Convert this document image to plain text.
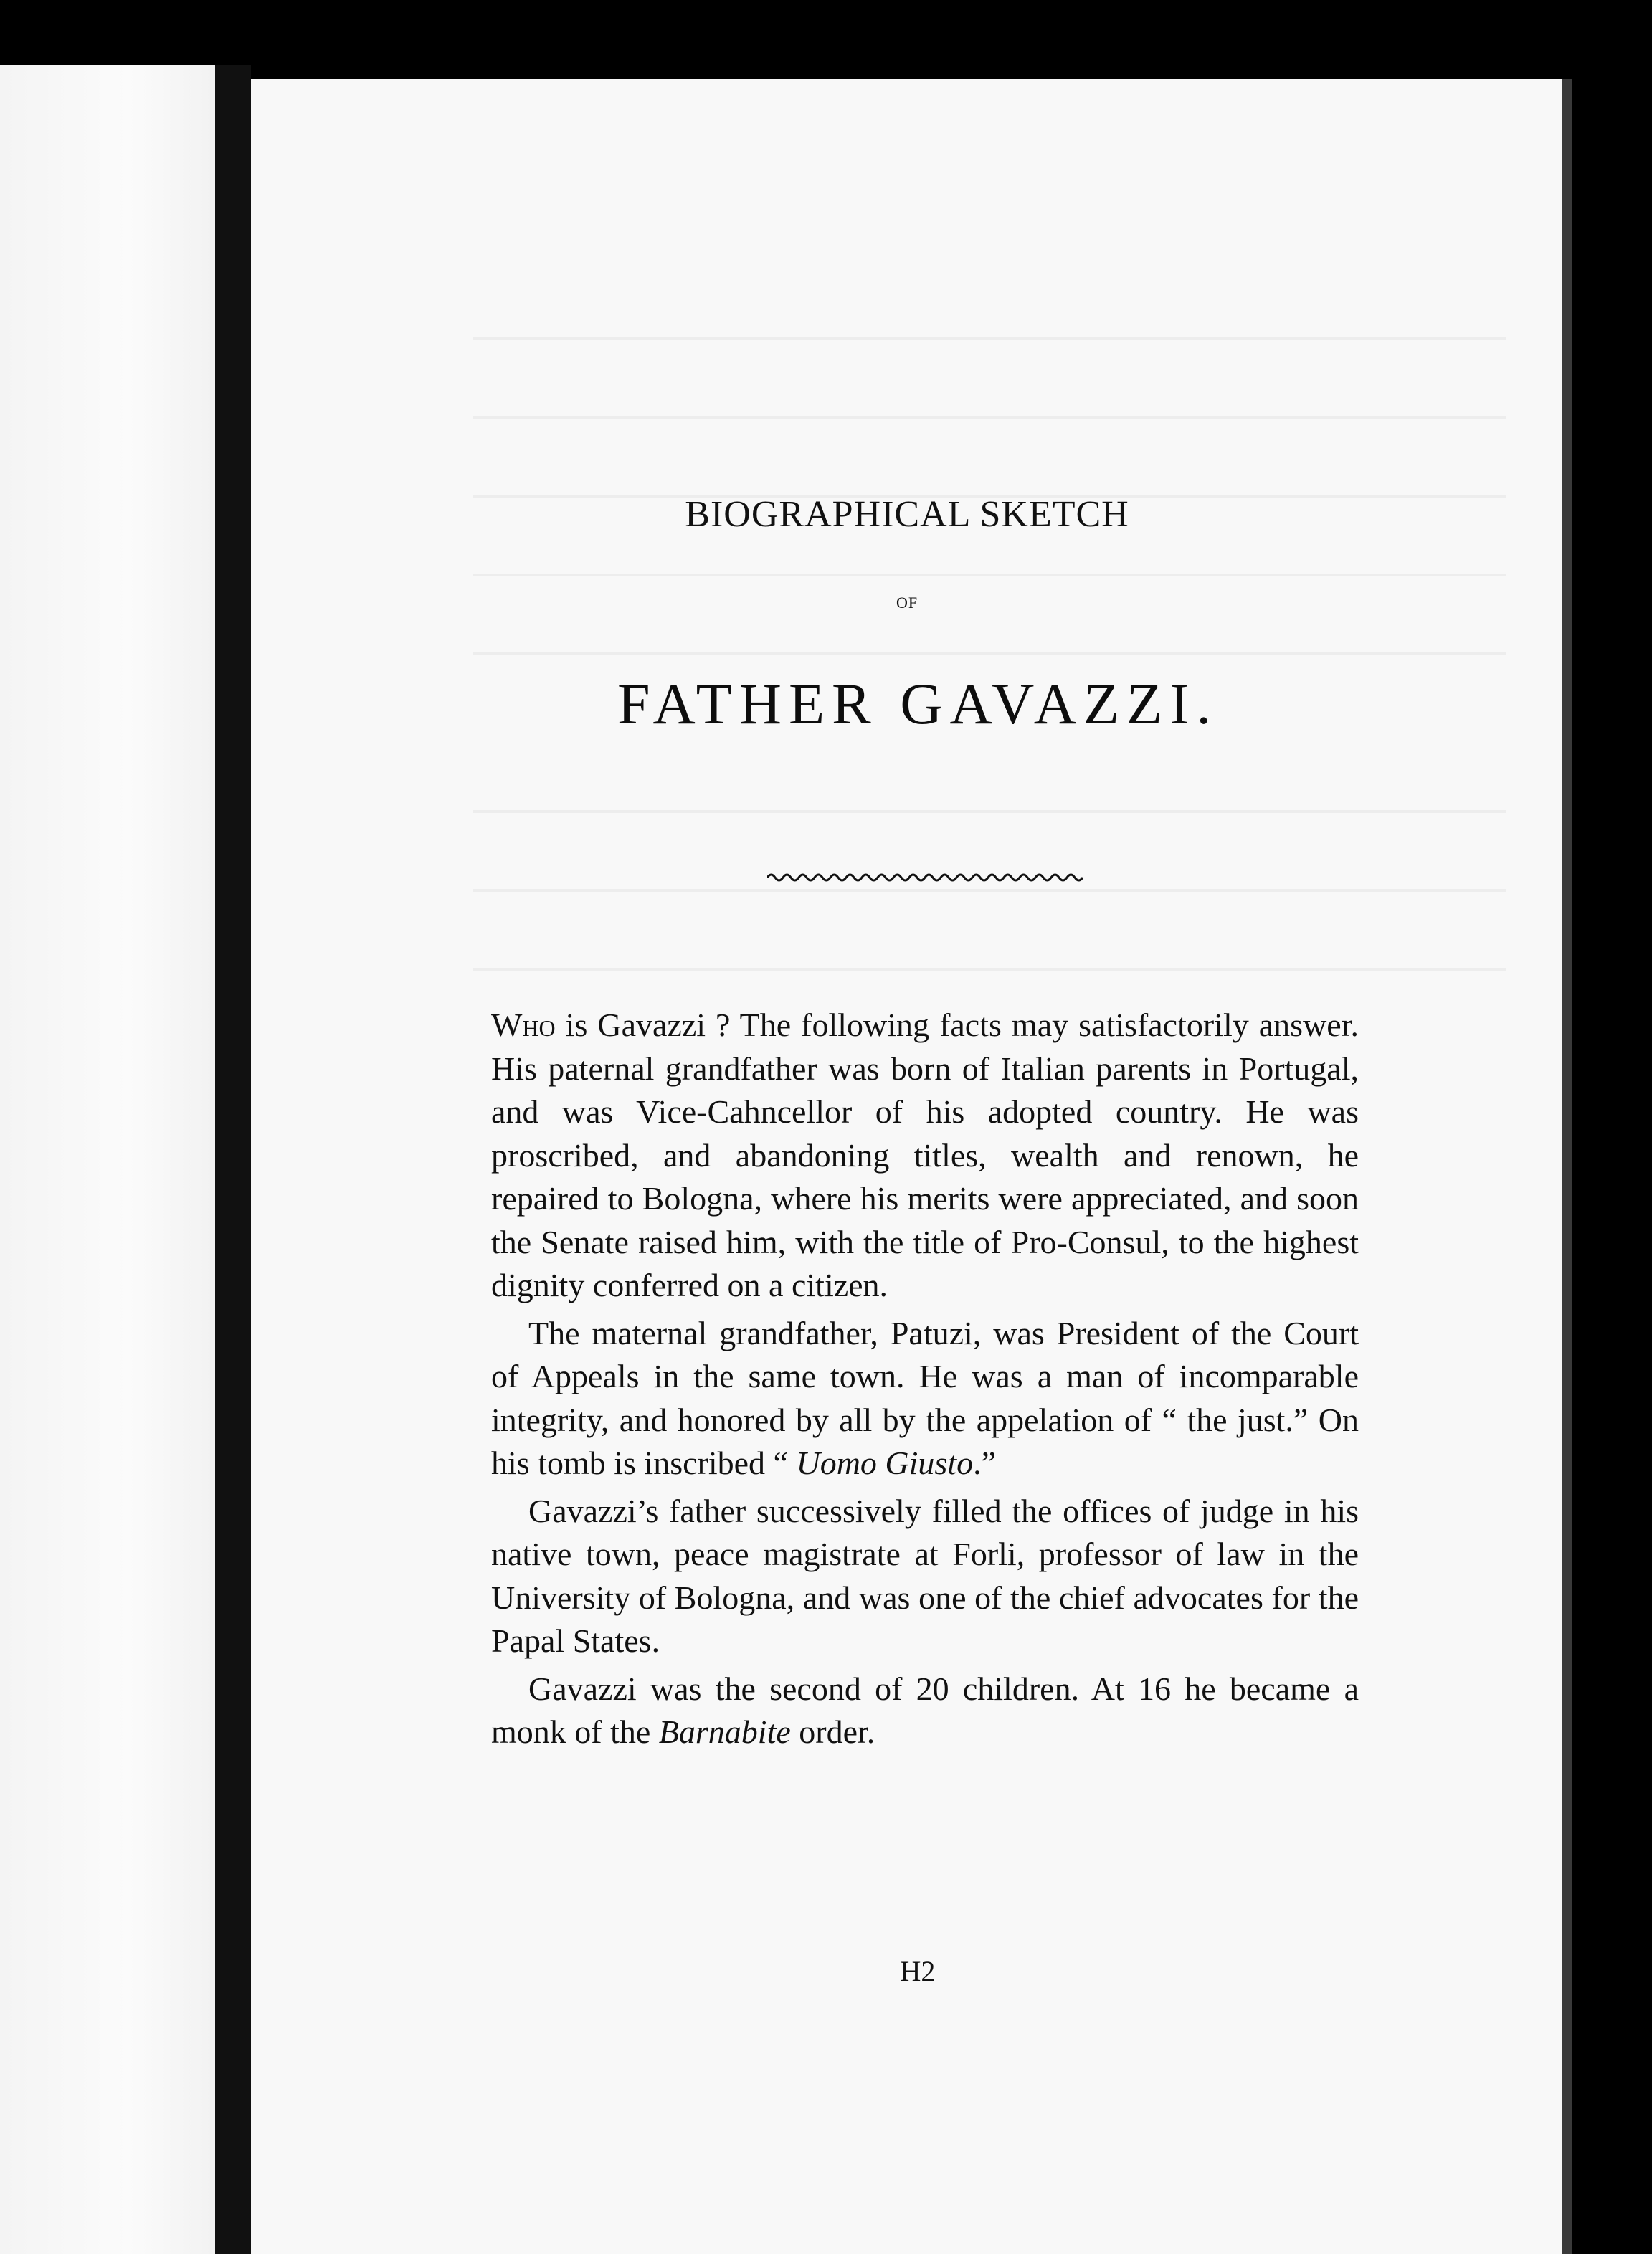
BIOGRAPHICAL SKETCH
OF
FATHER GAVAZZI.

Who is Gavazzi ? The following facts may satisfactorily answer. His paternal grandfather was born of Italian parents in Portugal, and was Vice-Cahncellor of his adopted country. He was proscribed, and abandoning titles, wealth and renown, he repaired to Bologna, where his merits were appreciated, and soon the Senate raised him, with the title of Pro-Consul, to the highest dignity conferred on a citizen.

The maternal grandfather, Patuzi, was President of the Court of Appeals in the same town. He was a man of incomparable integrity, and honored by all by the appelation of “ the just.” On his tomb is inscribed “ Uomo Giusto.”

Gavazzi’s father successively filled the offices of judge in his native town, peace magistrate at Forli, professor of law in the University of Bologna, and was one of the chief advocates for the Papal States.

Gavazzi was the second of 20 children. At 16 he became a monk of the Barnabite order.

H2
